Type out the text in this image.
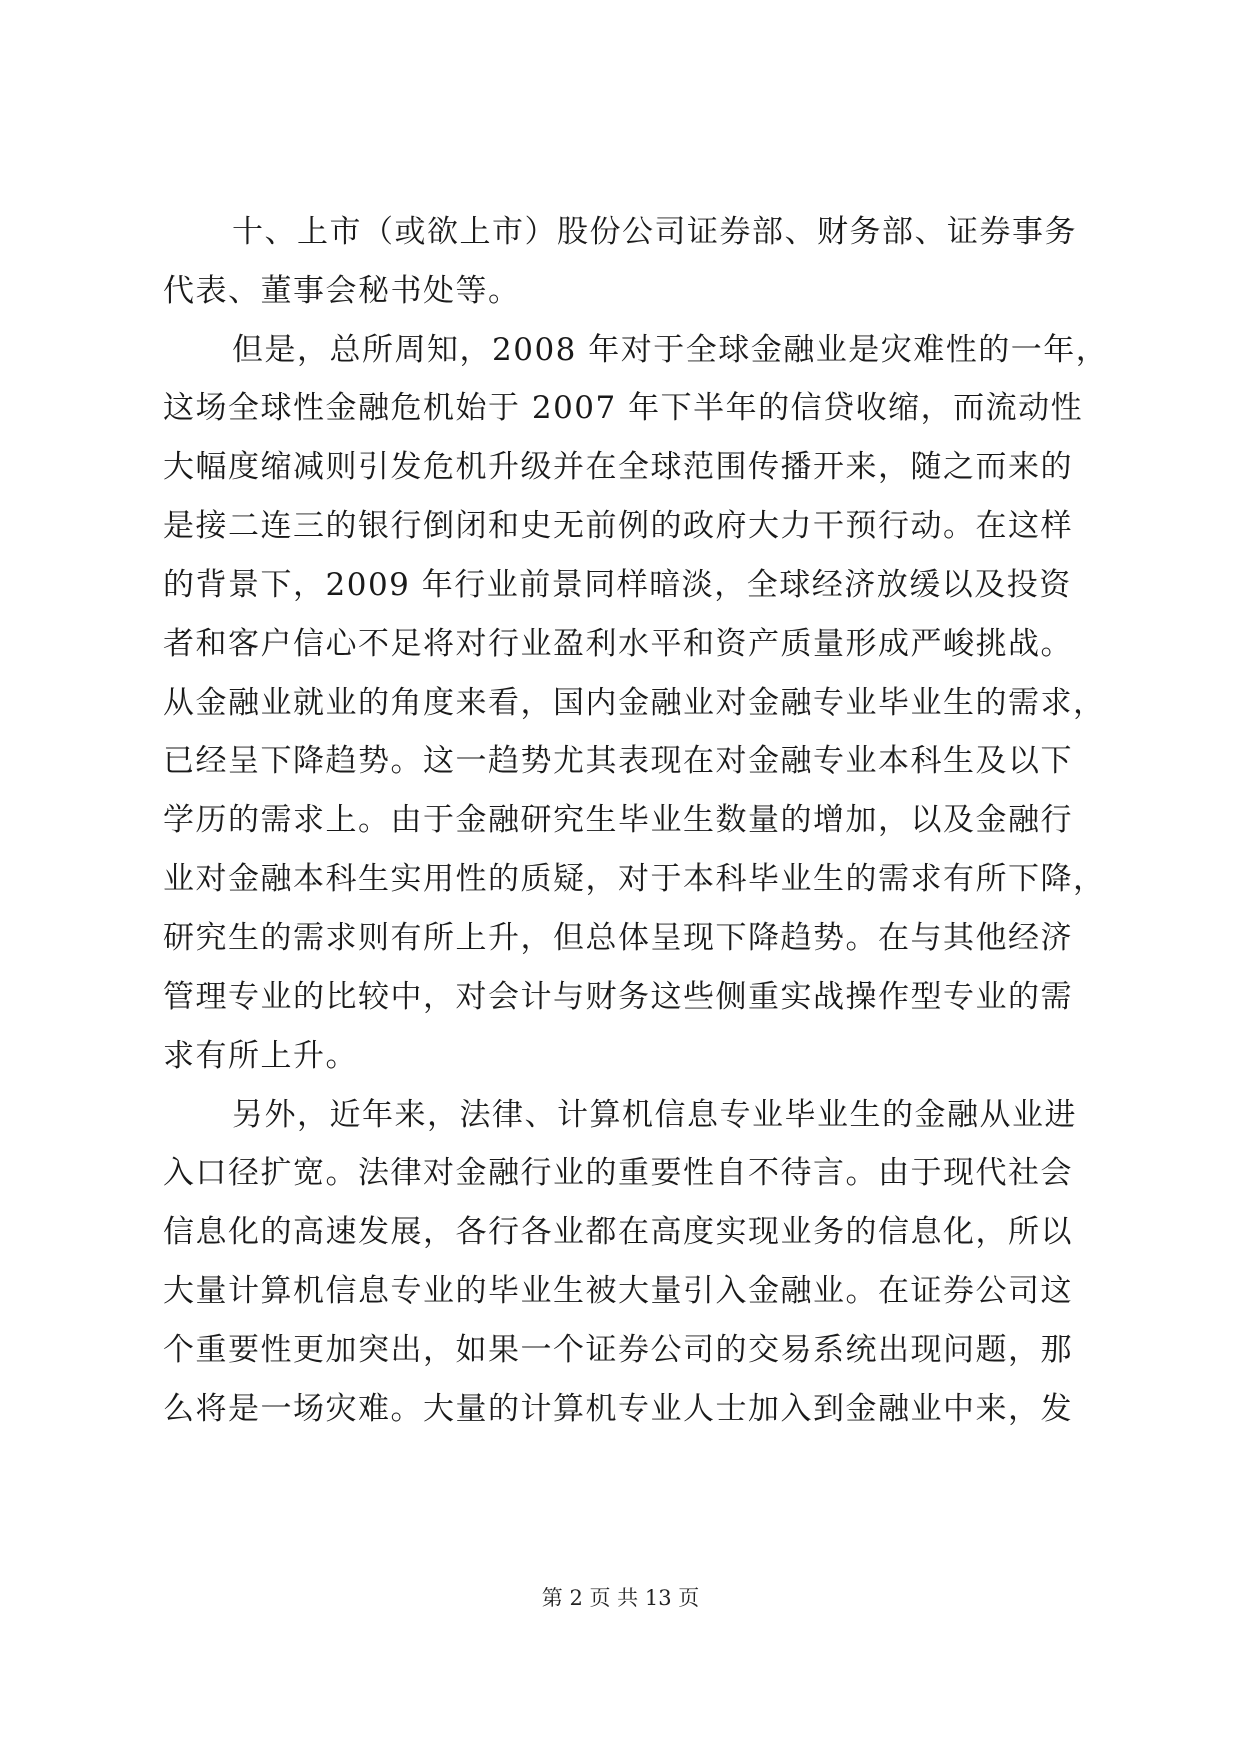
十、上市（或欲上市）股份公司证券部、财务部、证券事务
代表、董事会秘书处等。
但是，总所周知，2008 年对于全球金融业是灾难性的一年，
这场全球性金融危机始于 2007 年下半年的信贷收缩，而流动性
大幅度缩减则引发危机升级并在全球范围传播开来，随之而来的
是接二连三的银行倒闭和史无前例的政府大力干预行动。在这样
的背景下，2009 年行业前景同样暗淡，全球经济放缓以及投资
者和客户信心不足将对行业盈利水平和资产质量形成严峻挑战。
从金融业就业的角度来看，国内金融业对金融专业毕业生的需求，
已经呈下降趋势。这一趋势尤其表现在对金融专业本科生及以下
学历的需求上。由于金融研究生毕业生数量的增加，以及金融行
业对金融本科生实用性的质疑，对于本科毕业生的需求有所下降，
研究生的需求则有所上升，但总体呈现下降趋势。在与其他经济
管理专业的比较中，对会计与财务这些侧重实战操作型专业的需
求有所上升。
另外，近年来，法律、计算机信息专业毕业生的金融从业进
入口径扩宽。法律对金融行业的重要性自不待言。由于现代社会
信息化的高速发展，各行各业都在高度实现业务的信息化，所以
大量计算机信息专业的毕业生被大量引入金融业。在证券公司这
个重要性更加突出，如果一个证券公司的交易系统出现问题，那
么将是一场灾难。大量的计算机专业人士加入到金融业中来，发
第 2 页 共 13 页
